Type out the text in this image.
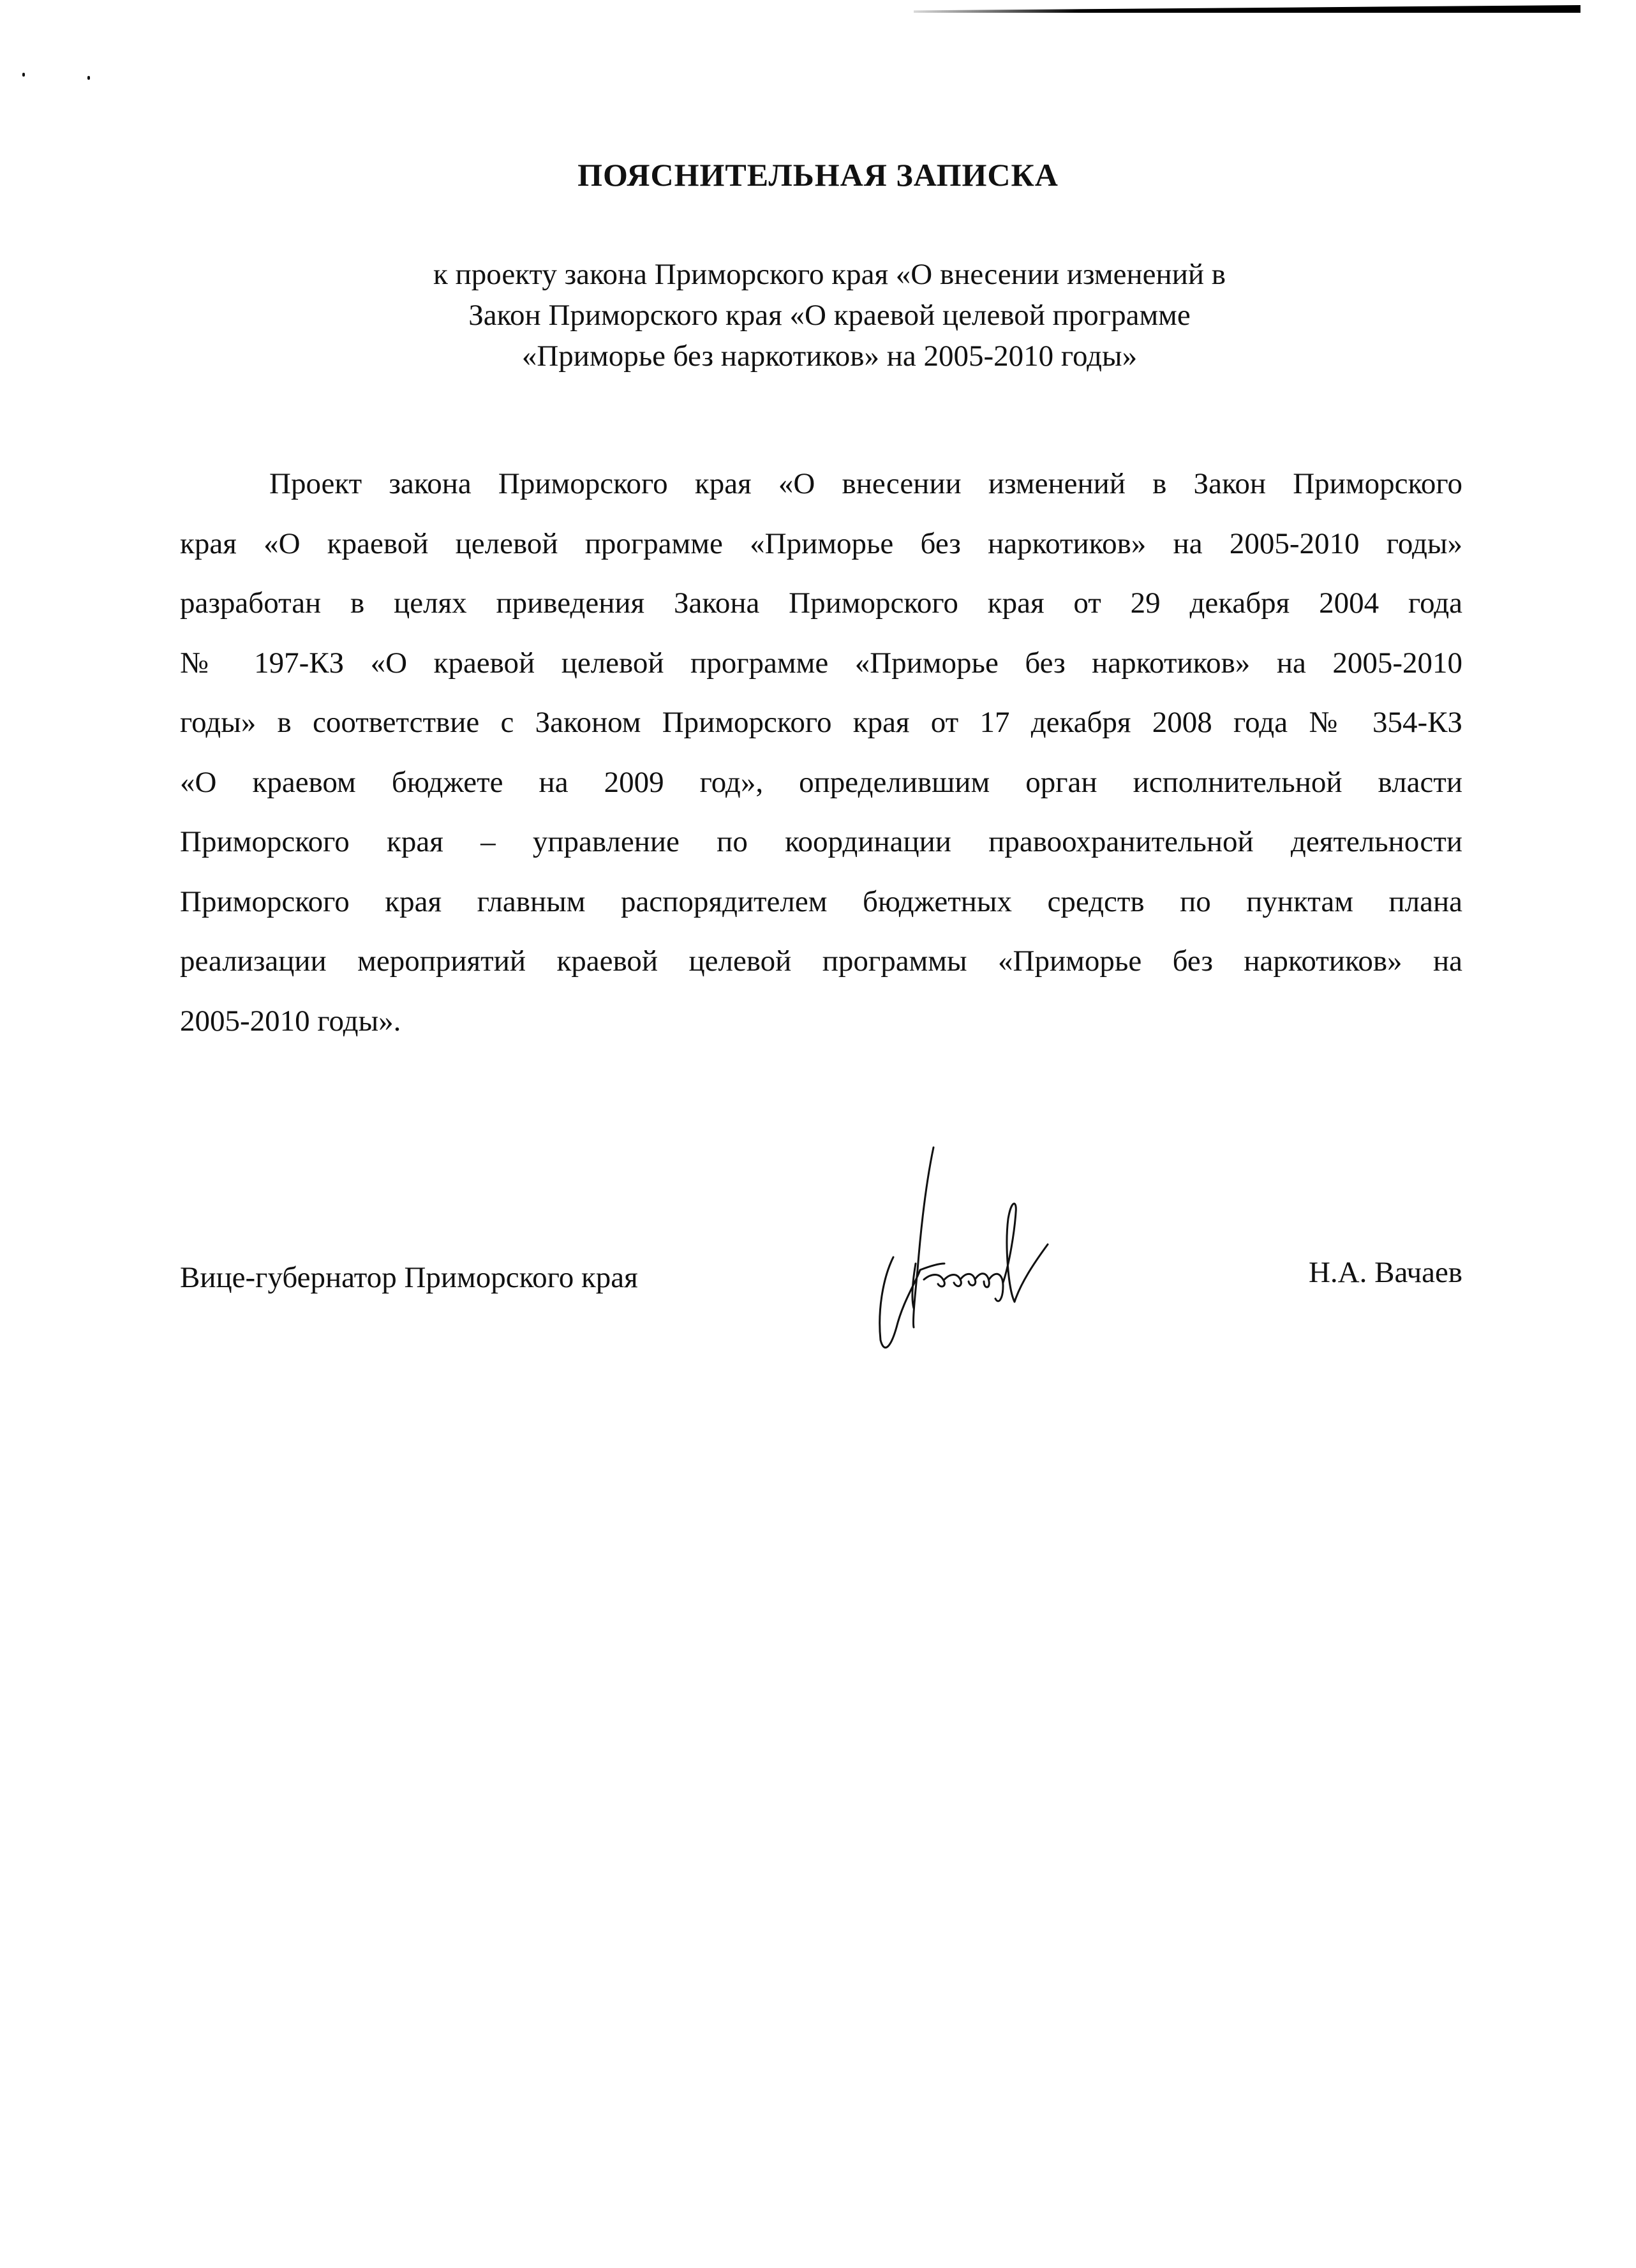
ПОЯСНИТЕЛЬНАЯ ЗАПИСКА
к проекту закона Приморского края «О внесении изменений в
Закон Приморского края «О краевой целевой программе
«Приморье без наркотиков» на 2005-2010 годы»
Проект закона Приморского края «О внесении изменений в Закон Приморского
края «О краевой целевой программе «Приморье без наркотиков» на 2005-2010 годы»
разработан в целях приведения Закона Приморского края от 29 декабря 2004 года
№ 197-КЗ «О краевой целевой программе «Приморье без наркотиков» на 2005-2010
годы» в соответствие с Законом Приморского края от 17 декабря 2008 года № 354-КЗ
«О краевом бюджете на 2009 год», определившим орган исполнительной власти
Приморского края – управление по координации правоохранительной деятельности
Приморского края главным распорядителем бюджетных средств по пунктам плана
реализации мероприятий краевой целевой программы «Приморье без наркотиков» на
2005-2010 годы».
Вице-губернатор Приморского края	Н.А. Вачаев
